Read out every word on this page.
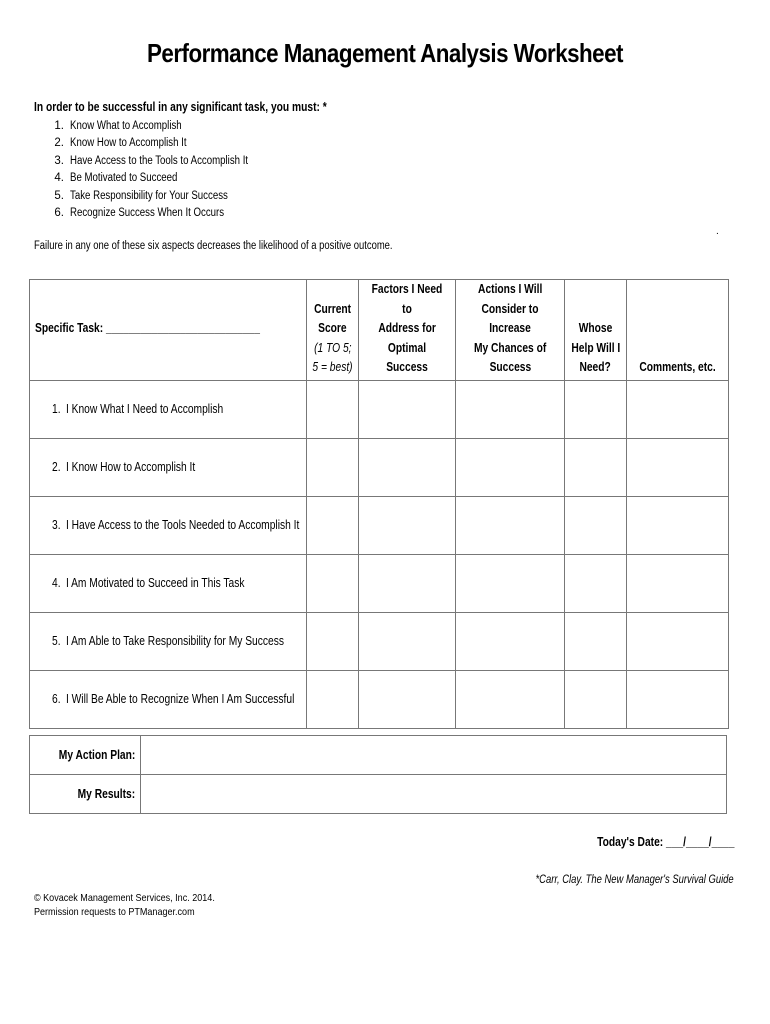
Performance Management Analysis Worksheet
In order to be successful in any significant task, you must: *
1. Know What to Accomplish
2. Know How to Accomplish It
3. Have Access to the Tools to Accomplish It
4. Be Motivated to Succeed
5. Take Responsibility for Your Success
6. Recognize Success When It Occurs
.
Failure in any one of these six aspects decreases the likelihood of a positive outcome.
Specific Task: ___________________________	Current
Score
(1 TO 5;
5 = best)	Factors I Need to
Address for
Optimal Success	Actions I Will
Consider to Increase
My Chances of
Success	Whose
Help Will I
Need?	Comments, etc.
1. I Know What I Need to Accomplish					
2. I Know How to Accomplish It					
3. I Have Access to the Tools Needed to Accomplish It					
4. I Am Motivated to Succeed in This Task					
5. I Am Able to Take Responsibility for My Success					
6. I Will Be Able to Recognize When I Am Successful					
My Action Plan:	
My Results:	
Today's Date: ___/____/____
*Carr, Clay. The New Manager's Survival Guide
© Kovacek Management Services, Inc. 2014.
Permission requests to PTManager.com
